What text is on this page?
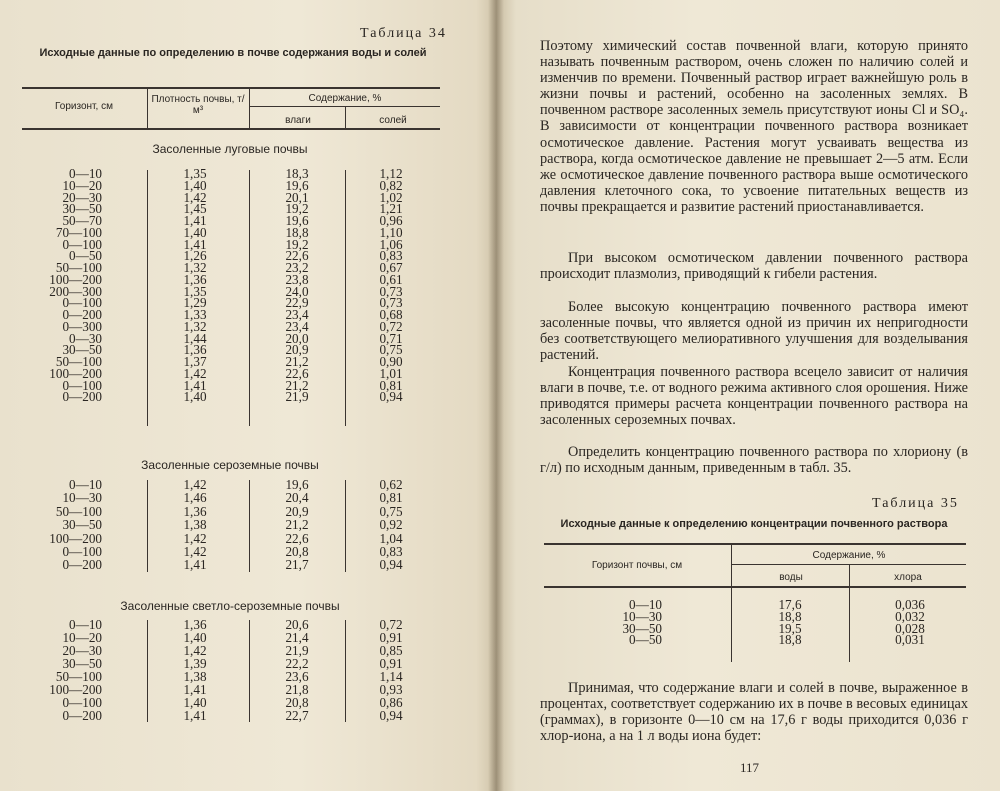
Таблица 34
Исходные данные по определению в почве содержания воды и солей
Горизонт, см
Плотность почвы, т/м³
Содержание, %
влаги	солей
Засоленные луговые почвы
0—10
10—20
20—30
30—50
50—70
70—100
0—100
0—50
50—100
100—200
200—300
0—100
0—200
0—300
0—30
30—50
50—100
100—200
0—100
0—200
1,35
1,40
1,42
1,45
1,41
1,40
1,41
1,26
1,32
1,36
1,35
1,29
1,33
1,32
1,44
1,36
1,37
1,42
1,41
1,40
18,3
19,6
20,1
19,2
19,6
18,8
19,2
22,6
23,2
23,8
24,0
22,9
23,4
23,4
20,0
20,9
21,2
22,6
21,2
21,9
1,12
0,82
1,02
1,21
0,96
1,10
1,06
0,83
0,67
0,61
0,73
0,73
0,68
0,72
0,71
0,75
0,90
1,01
0,81
0,94
Засоленные сероземные почвы
0—10
10—30
50—100
30—50
100—200
0—100
0—200
1,42
1,46
1,36
1,38
1,42
1,42
1,41
19,6
20,4
20,9
21,2
22,6
20,8
21,7
0,62
0,81
0,75
0,92
1,04
0,83
0,94
Засоленные светло-сероземные почвы
0—10
10—20
20—30
30—50
50—100
100—200
0—100
0—200
1,36
1,40
1,42
1,39
1,38
1,41
1,40
1,41
20,6
21,4
21,9
22,2
23,6
21,8
20,8
22,7
0,72
0,91
0,85
0,91
1,14
0,93
0,86
0,94
Поэтому химический состав почвенной влаги, которую принято называть почвенным раствором, очень сложен по наличию солей и изменчив по времени. Почвенный раствор играет важнейшую роль в жизни почвы и растений, особенно на засоленных землях. В почвенном растворе засоленных земель присутствуют ионы Cl и SO₄. В зависимости от концентрации почвенного раствора возникает осмотическое давление. Растения могут усваивать вещества из раствора, когда осмотическое давление не превышает 2—5 атм. Если же осмотическое давление почвенного раствора выше осмотического давления клеточного сока, то усвоение питательных веществ из почвы прекращается и развитие растений приостанавливается.
При высоком осмотическом давлении почвенного раствора происходит плазмолиз, приводящий к гибели растения.
Более высокую концентрацию почвенного раствора имеют засоленные почвы, что является одной из причин их непригодности без соответствующего мелиоративного улучшения для возделывания растений.
Концентрация почвенного раствора всецело зависит от наличия влаги в почве, т.е. от водного режима активного слоя орошения. Ниже приводятся примеры расчета концентрации почвенного раствора на засоленных сероземных почвах.
Определить концентрацию почвенного раствора по хлориону (в г/л) по исходным данным, приведенным в табл. 35.
Таблица 35
Исходные данные к определению концентрации почвенного раствора
Горизонт почвы, см
Содержание, %
воды	хлора
0—10
10—30
30—50
0—50
17,6
18,8
19,5
18,8
0,036
0,032
0,028
0,031
Принимая, что содержание влаги и солей в почве, выраженное в процентах, соответствует содержанию их в почве в весовых единицах (граммах), в горизонте 0—10 см на 17,6 г воды приходится 0,036 г хлор-иона, а на 1 л воды иона будет:
117
